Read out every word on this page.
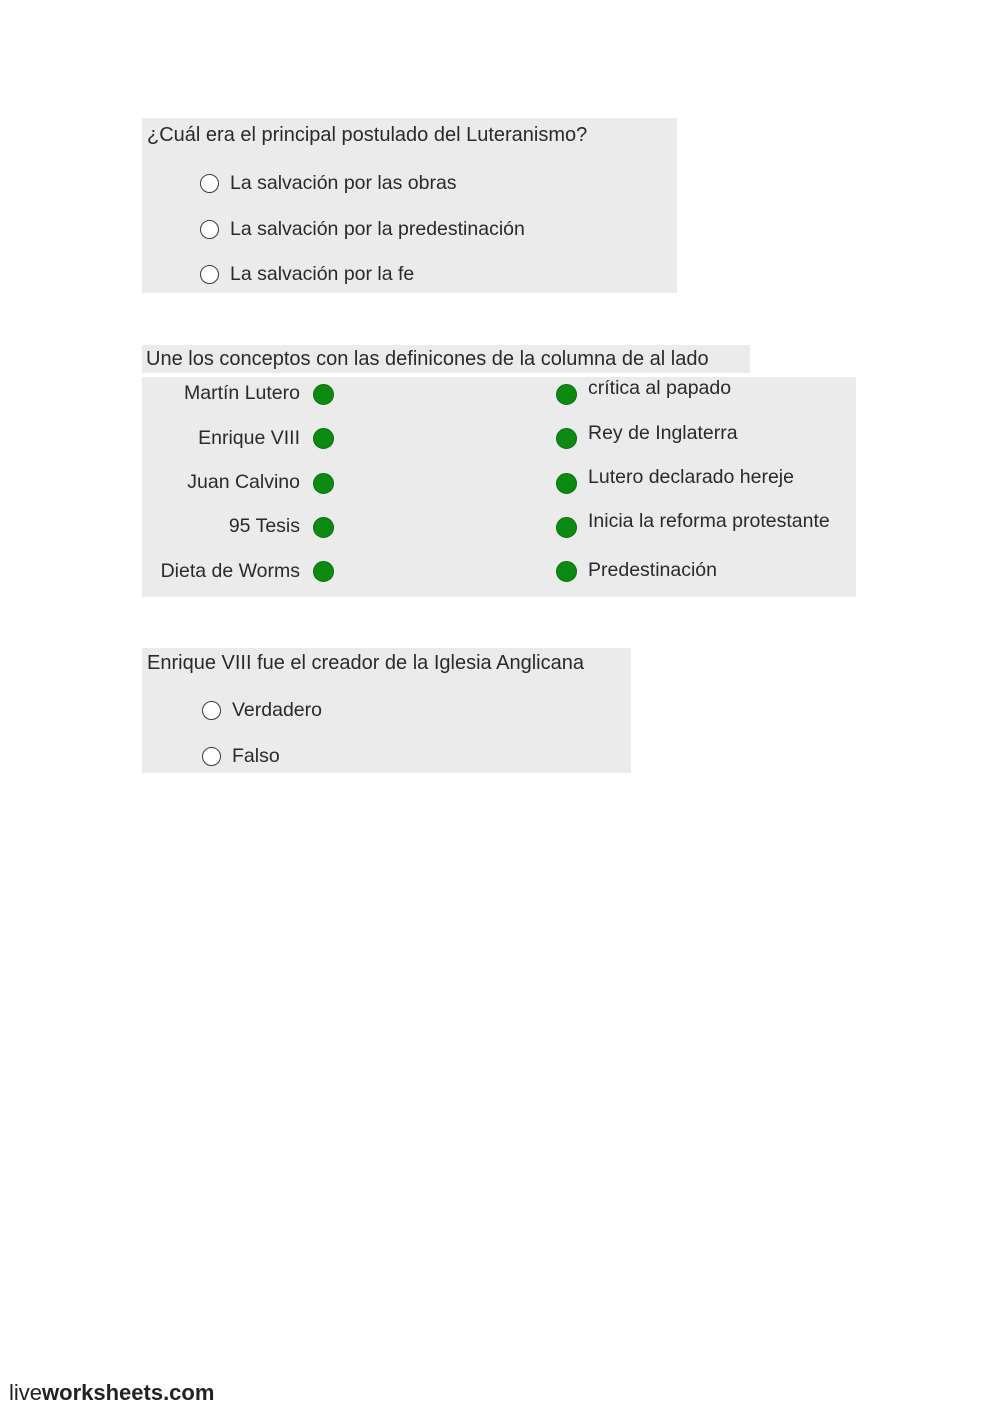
¿Cuál era el principal postulado del Luteranismo?
La salvación por las obras
La salvación por la predestinación
La salvación por la fe
Une los conceptos con las definicones de la columna de al lado
Martín Lutero
Enrique VIII
Juan Calvino
95 Tesis
Dieta de Worms
crítica al papado
Rey de Inglaterra
Lutero declarado hereje
Inicia la reforma protestante
Predestinación
Enrique VIII fue el creador de la Iglesia Anglicana
Verdadero
Falso
liveworksheets.com
